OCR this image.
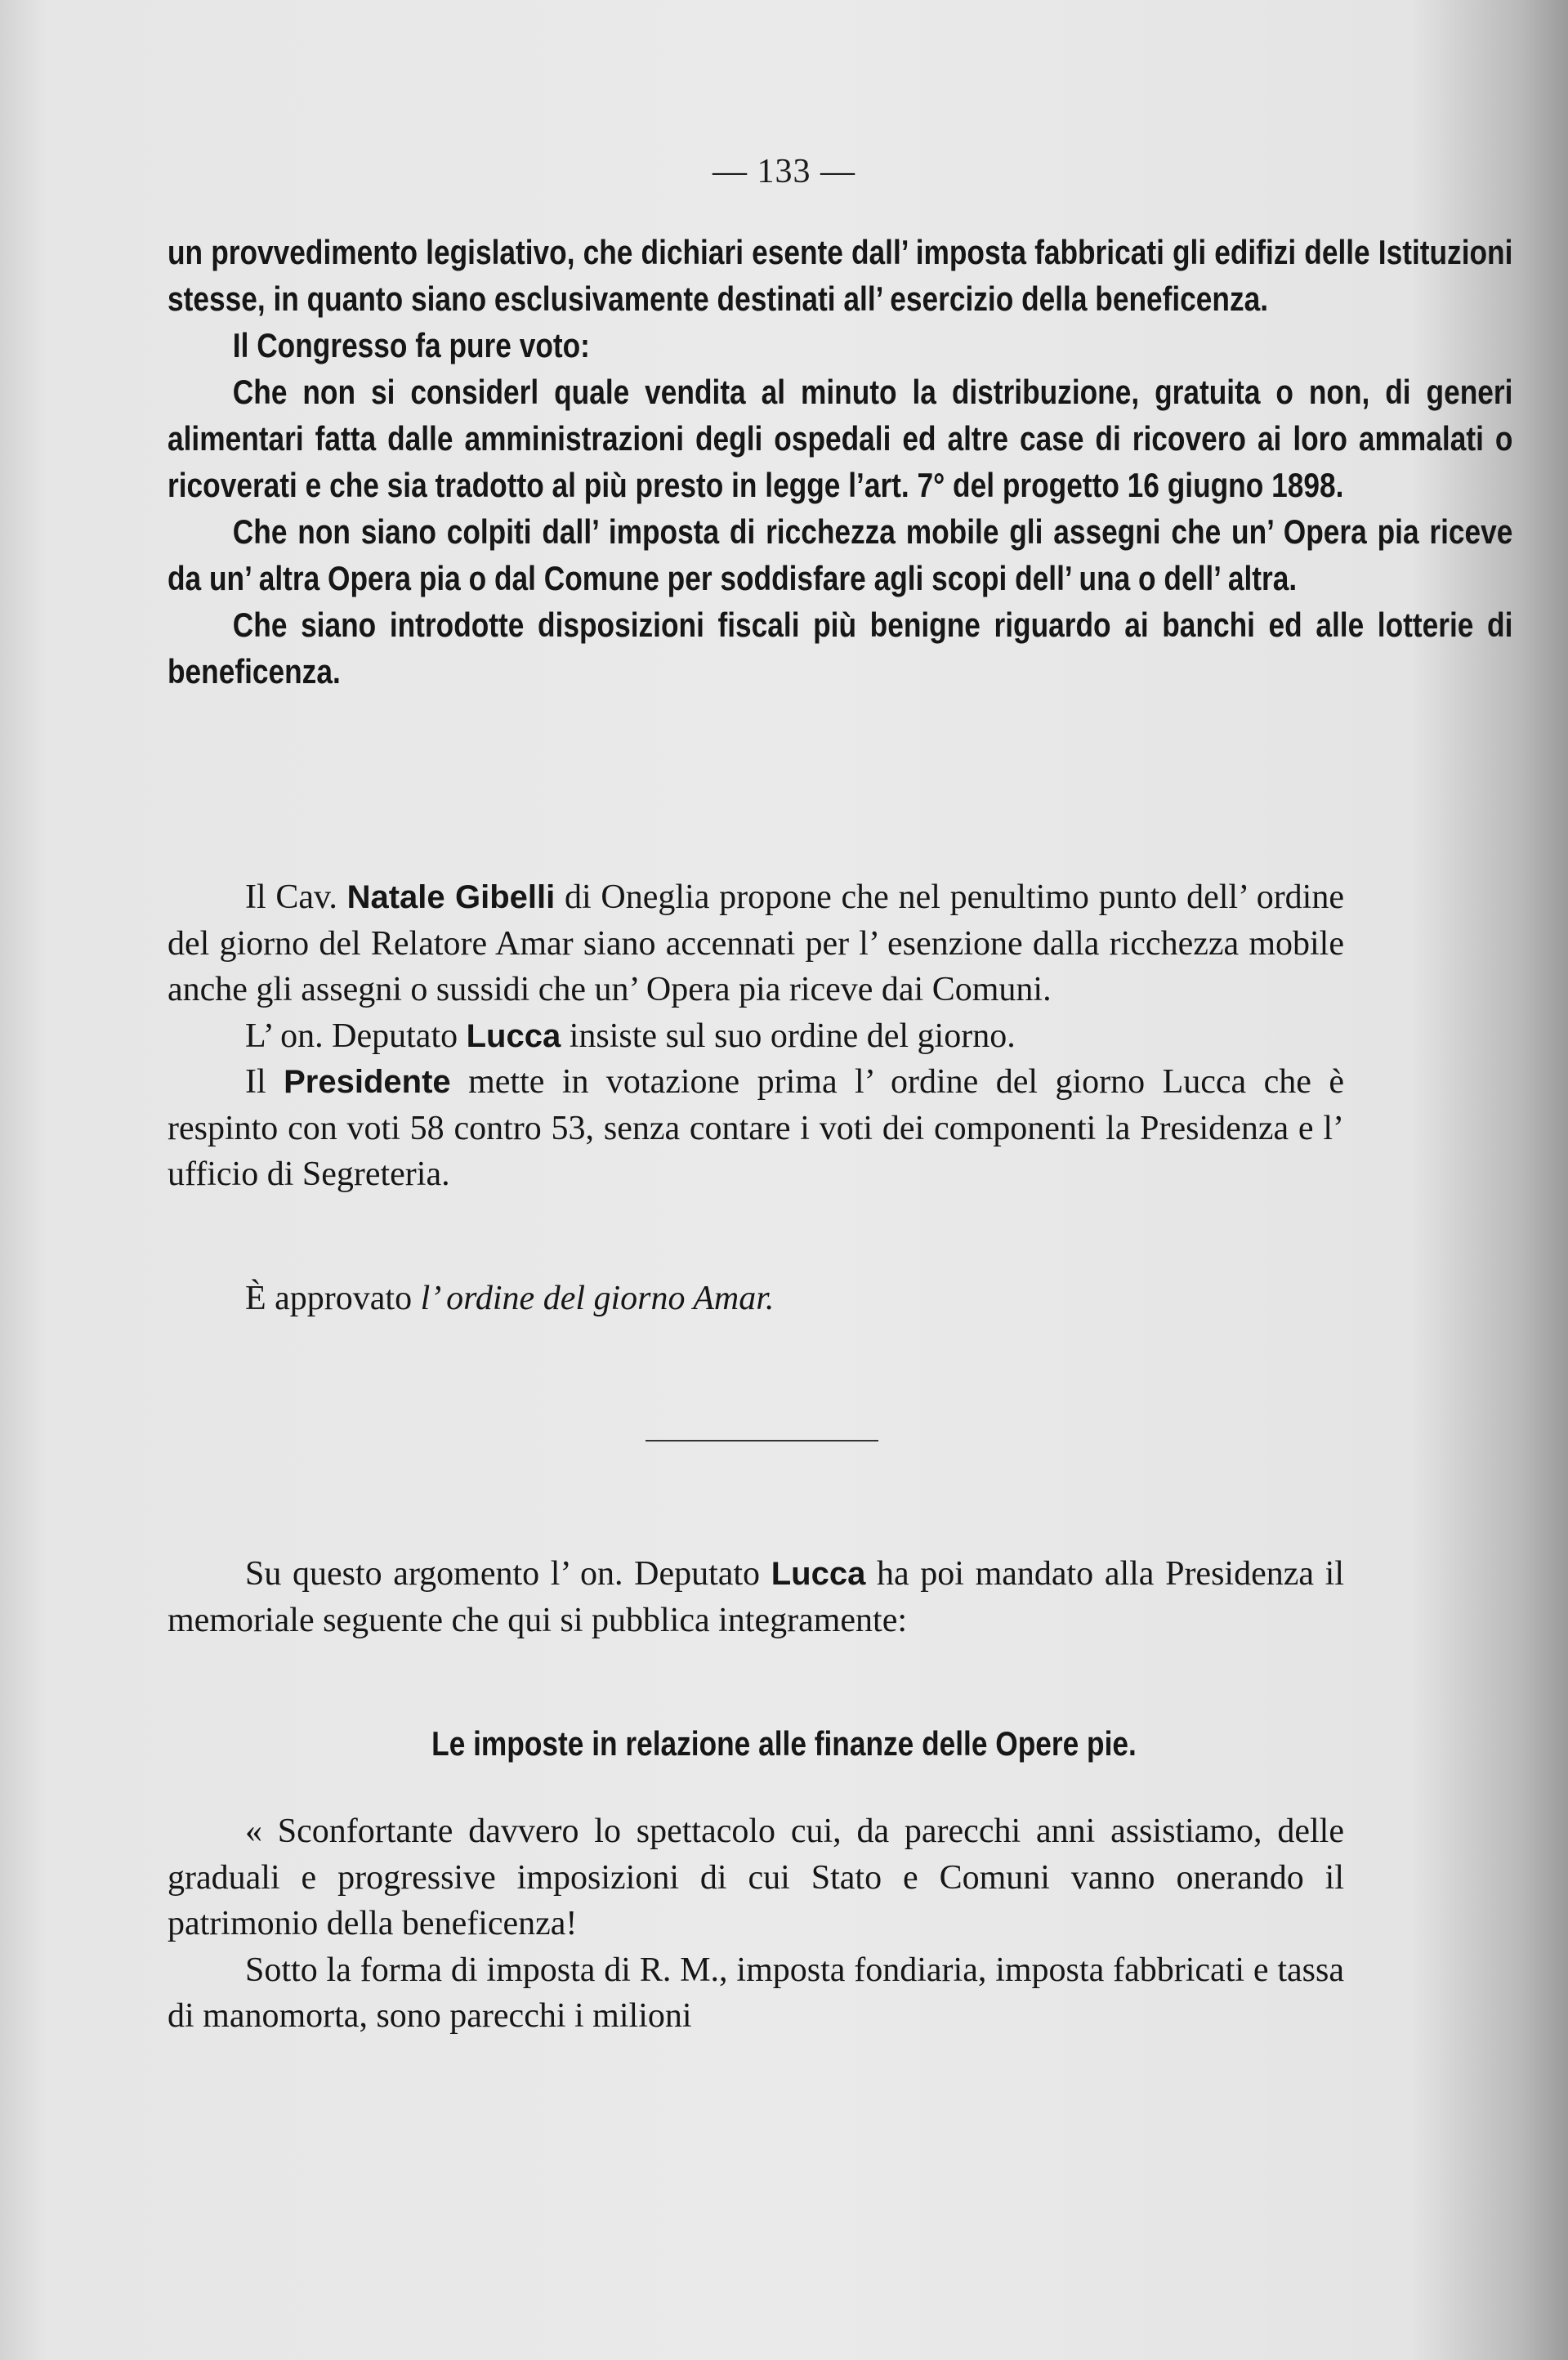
— 133 —

un provvedimento legislativo, che dichiari esente dall’ imposta fabbricati gli edifizi delle Istituzioni stesse, in quanto siano esclusivamente destinati all’ esercizio della beneficenza.

Il Congresso fa pure voto:

Che non si considerl quale vendita al minuto la distribuzione, gratuita o non, di generi alimentari fatta dalle amministrazioni degli ospedali ed altre case di ricovero ai loro ammalati o ricoverati e che sia tradotto al più presto in legge l’art. 7° del progetto 16 giugno 1898.

Che non siano colpiti dall’ imposta di ricchezza mobile gli assegni che un’ Opera pia riceve da un’ altra Opera pia o dal Comune per soddisfare agli scopi dell’ una o dell’ altra.

Che siano introdotte disposizioni fiscali più benigne riguardo ai banchi ed alle lotterie di beneficenza.

Il Cav. Natale Gibelli di Oneglia propone che nel penultimo punto dell’ ordine del giorno del Relatore Amar siano accennati per l’ esenzione dalla ricchezza mobile anche gli assegni o sussidi che un’ Opera pia riceve dai Comuni.

L’ on. Deputato Lucca insiste sul suo ordine del giorno.

Il Presidente mette in votazione prima l’ ordine del giorno Lucca che è respinto con voti 58 contro 53, senza contare i voti dei componenti la Presidenza e l’ ufficio di Segreteria.

È approvato l’ ordine del giorno Amar.

Su questo argomento l’ on. Deputato Lucca ha poi mandato alla Presidenza il memoriale seguente che qui si pubblica integramente:

Le imposte in relazione alle finanze delle Opere pie.

« Sconfortante davvero lo spettacolo cui, da parecchi anni assistiamo, delle graduali e progressive imposizioni di cui Stato e Comuni vanno onerando il patrimonio della beneficenza!

Sotto la forma di imposta di R. M., imposta fondiaria, imposta fabbricati e tassa di manomorta, sono parecchi i milioni
